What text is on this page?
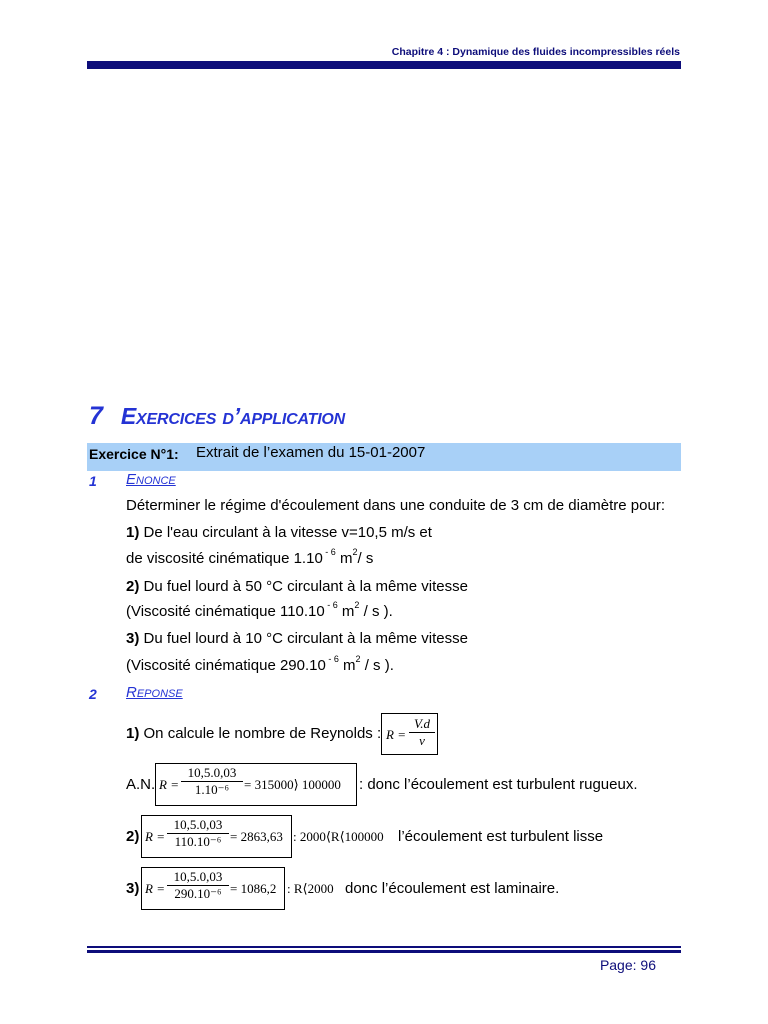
Chapitre 4 : Dynamique des fluides incompressibles réels
7 Exercices d’application
Exercice N°1: Extrait de l’examen du 15-01-2007
1 Enonce
Déterminer le régime d'écoulement dans une conduite de 3 cm de diamètre pour:
1) De l'eau circulant à la vitesse v=10,5 m/s et
de viscosité cinématique 1.10 $^{- 6}$ $m^2/$ s
2) Du fuel lourd à 50 °C circulant à la même vitesse
(Viscosité cinématique 110.10 $^{- 6}$ $m^2$ / s ).
3) Du fuel lourd à 10 °C circulant à la même vitesse
(Viscosité cinématique 290.10 $^{- 6}$ $m^2$ / s ).
2 Reponse
1) On calcule le nombre de Reynolds : R =
V.d
ν
A.N. R =
10,5.0,03
1.10⁻⁶	= 315000⟩ 100000 : donc l’écoulement est turbulent rugueux.
2) R =
10,5.0,03
110.10⁻⁶ = 2863,63 : 2000⟨R⟨100000 l’écoulement est turbulent lisse
3) R =
10,5.0,03
290.10⁻⁶ = 1086,2 : R⟨2000 donc l’écoulement est laminaire.
Page: 96
